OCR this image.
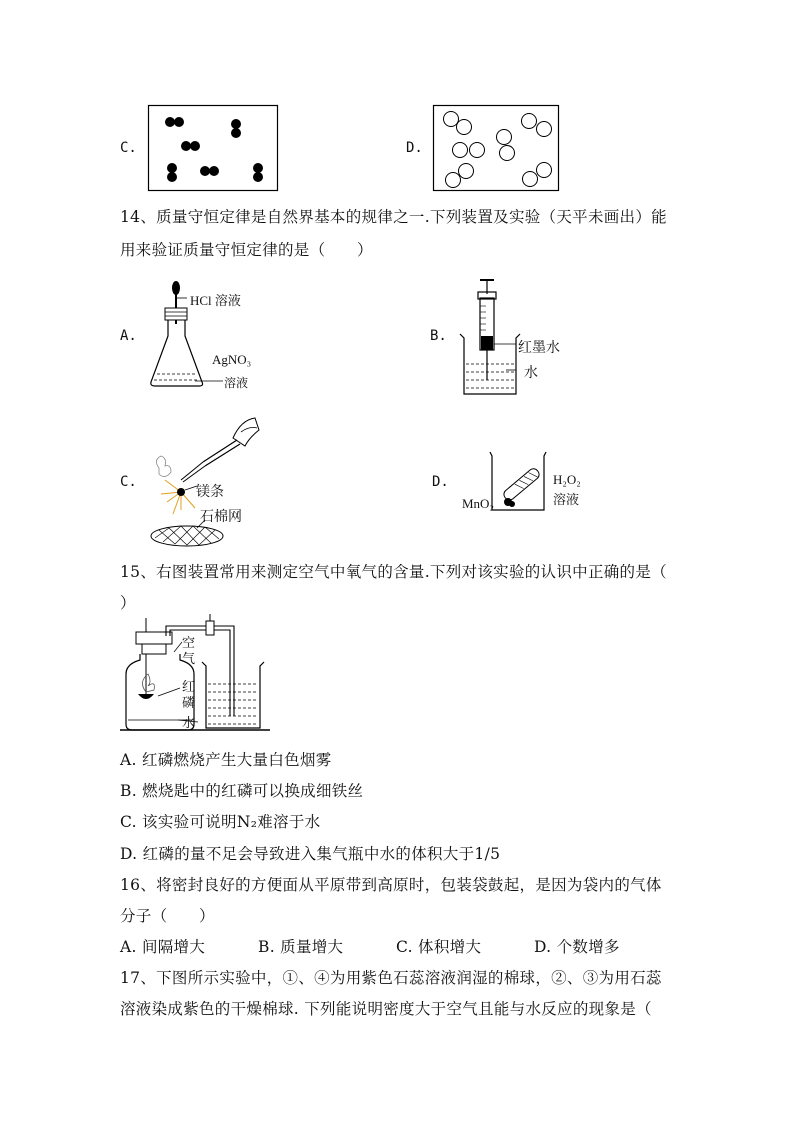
C.	D.
14、质量守恒定律是自然界基本的规律之一.下列装置及实验（天平未画出）能
用来验证质量守恒定律的是（　　）
A.
HCl 溶液
AgNO₃
溶液
B.
红墨水
水
C.
镁条
石棉网
D.	H₂O₂
溶液
MnO₂
15、右图装置常用来测定空气中氧气的含量.下列对该实验的认识中正确的是（
）
空气
红磷
水
A. 红磷燃烧产生大量白色烟雾
B. 燃烧匙中的红磷可以换成细铁丝
C. 该实验可说明N₂难溶于水
D. 红磷的量不足会导致进入集气瓶中水的体积大于1/5
16、将密封良好的方便面从平原带到高原时，包装袋鼓起，是因为袋内的气体
分子（　　）
A. 间隔增大	B. 质量增大	C. 体积增大	D. 个数增多
17、下图所示实验中，①、④为用紫色石蕊溶液润湿的棉球，②、③为用石蕊
溶液染成紫色的干燥棉球. 下列能说明密度大于空气且能与水反应的现象是（
